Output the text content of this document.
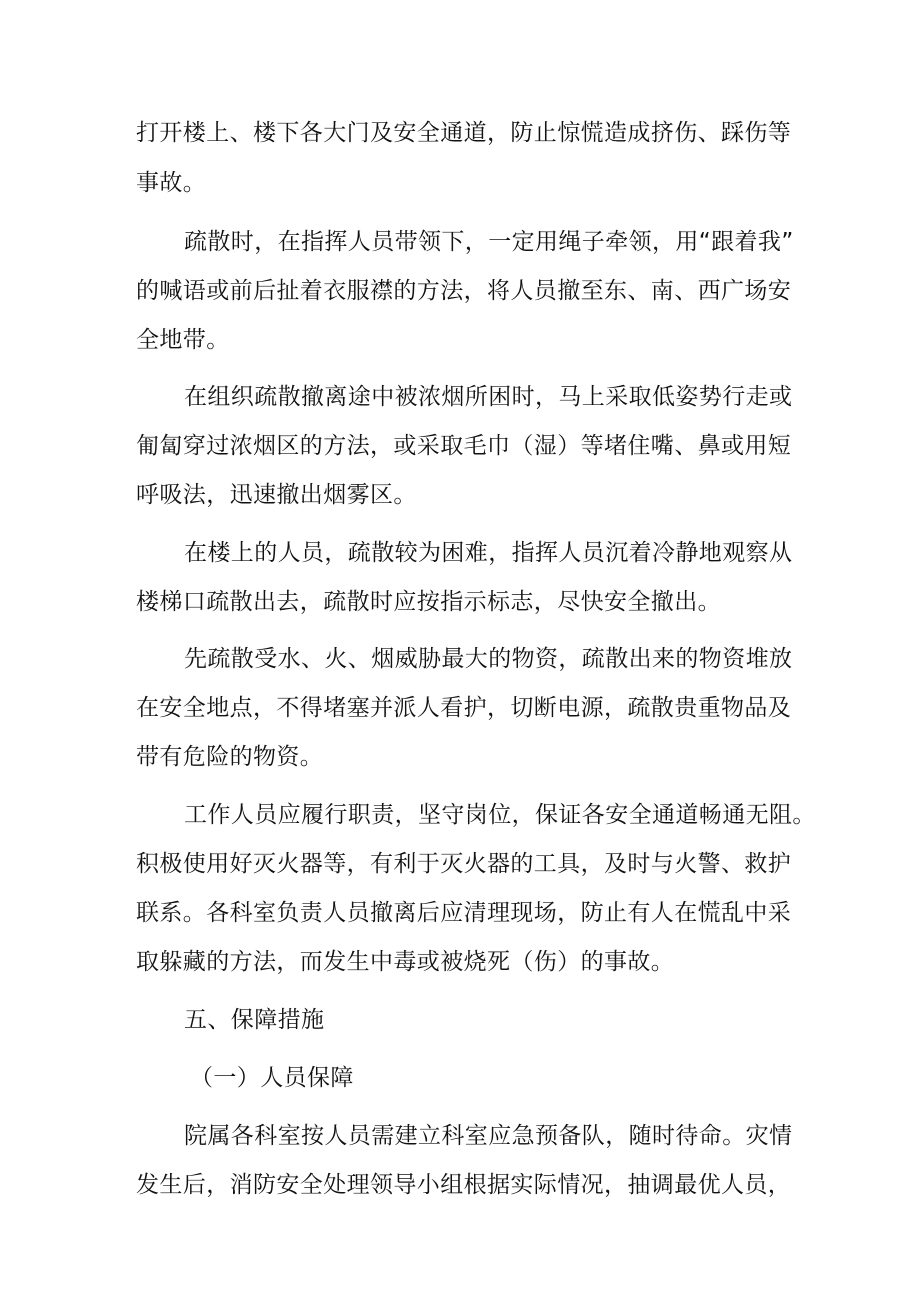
打开楼上、楼下各大门及安全通道，防止惊慌造成挤伤、踩伤等
事故。
疏散时，在指挥人员带领下，一定用绳子牵领，用“跟着我”
的喊语或前后扯着衣服襟的方法，将人员撤至东、南、西广场安
全地带。
在组织疏散撤离途中被浓烟所困时，马上采取低姿势行走或
匍匐穿过浓烟区的方法，或采取毛巾（湿）等堵住嘴、鼻或用短
呼吸法，迅速撤出烟雾区。
在楼上的人员，疏散较为困难，指挥人员沉着冷静地观察从
楼梯口疏散出去，疏散时应按指示标志，尽快安全撤出。
先疏散受水、火、烟威胁最大的物资，疏散出来的物资堆放
在安全地点，不得堵塞并派人看护，切断电源，疏散贵重物品及
带有危险的物资。
工作人员应履行职责，坚守岗位，保证各安全通道畅通无阻。
积极使用好灭火器等，有利于灭火器的工具，及时与火警、救护
联系。各科室负责人员撤离后应清理现场，防止有人在慌乱中采
取躲藏的方法，而发生中毒或被烧死（伤）的事故。
五、保障措施
（一）人员保障
院属各科室按人员需建立科室应急预备队，随时待命。灾情
发生后，消防安全处理领导小组根据实际情况，抽调最优人员，
